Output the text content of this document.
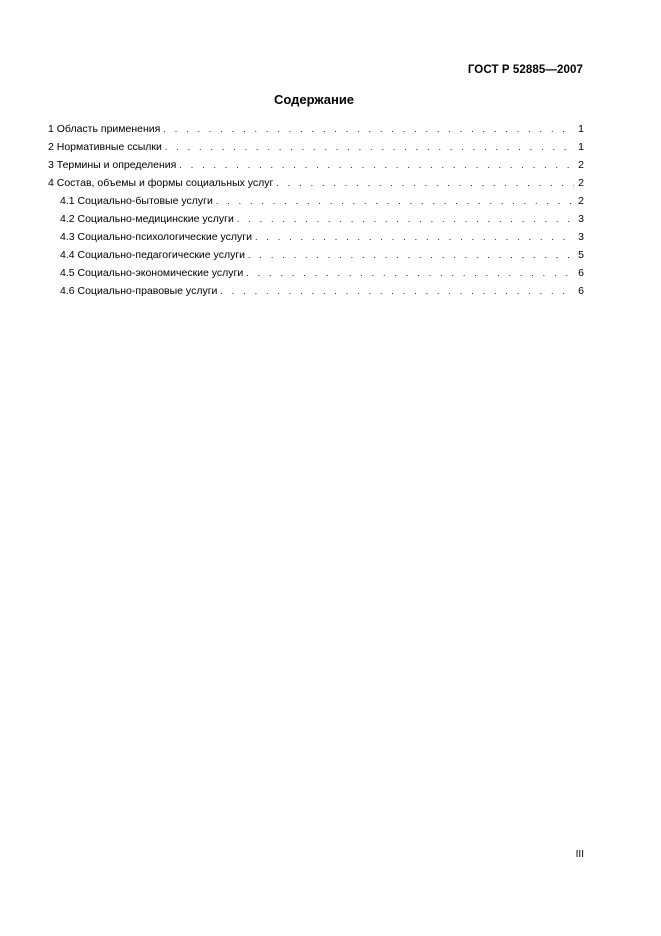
ГОСТ Р 52885—2007
Содержание
1 Область применения . . .	1
2 Нормативные ссылки . . .	1
3 Термины и определения . . .	2
4 Состав, объемы и формы социальных услуг . . .	2
4.1 Социально-бытовые услуги . . .	2
4.2 Социально-медицинские услуги . . .	3
4.3 Социально-психологические услуги . . .	3
4.4 Социально-педагогические услуги . . .	5
4.5 Социально-экономические услуги . . .	6
4.6 Социально-правовые услуги . . .	6
III
